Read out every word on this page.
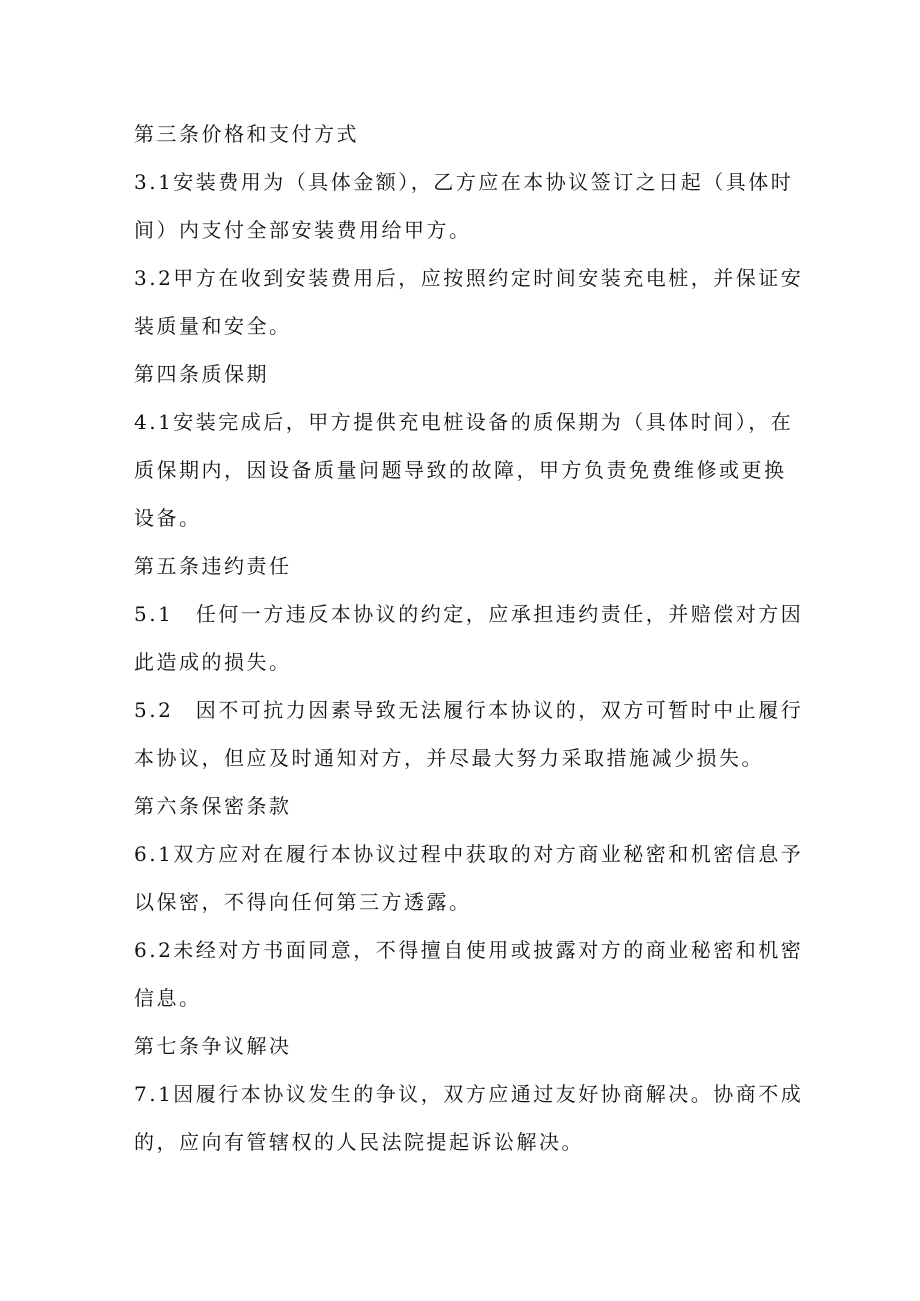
第三条价格和支付方式
3.1安装费用为（具体金额），乙方应在本协议签订之日起（具体时
间）内支付全部安装费用给甲方。
3.2甲方在收到安装费用后，应按照约定时间安装充电桩，并保证安
装质量和安全。
第四条质保期
4.1安装完成后，甲方提供充电桩设备的质保期为（具体时间），在
质保期内，因设备质量问题导致的故障，甲方负责免费维修或更换
设备。
第五条违约责任
5.1　任何一方违反本协议的约定，应承担违约责任，并赔偿对方因
此造成的损失。
5.2　因不可抗力因素导致无法履行本协议的，双方可暂时中止履行
本协议，但应及时通知对方，并尽最大努力采取措施减少损失。
第六条保密条款
6.1双方应对在履行本协议过程中获取的对方商业秘密和机密信息予
以保密，不得向任何第三方透露。
6.2未经对方书面同意，不得擅自使用或披露对方的商业秘密和机密
信息。
第七条争议解决
7.1因履行本协议发生的争议，双方应通过友好协商解决。协商不成
的，应向有管辖权的人民法院提起诉讼解决。
